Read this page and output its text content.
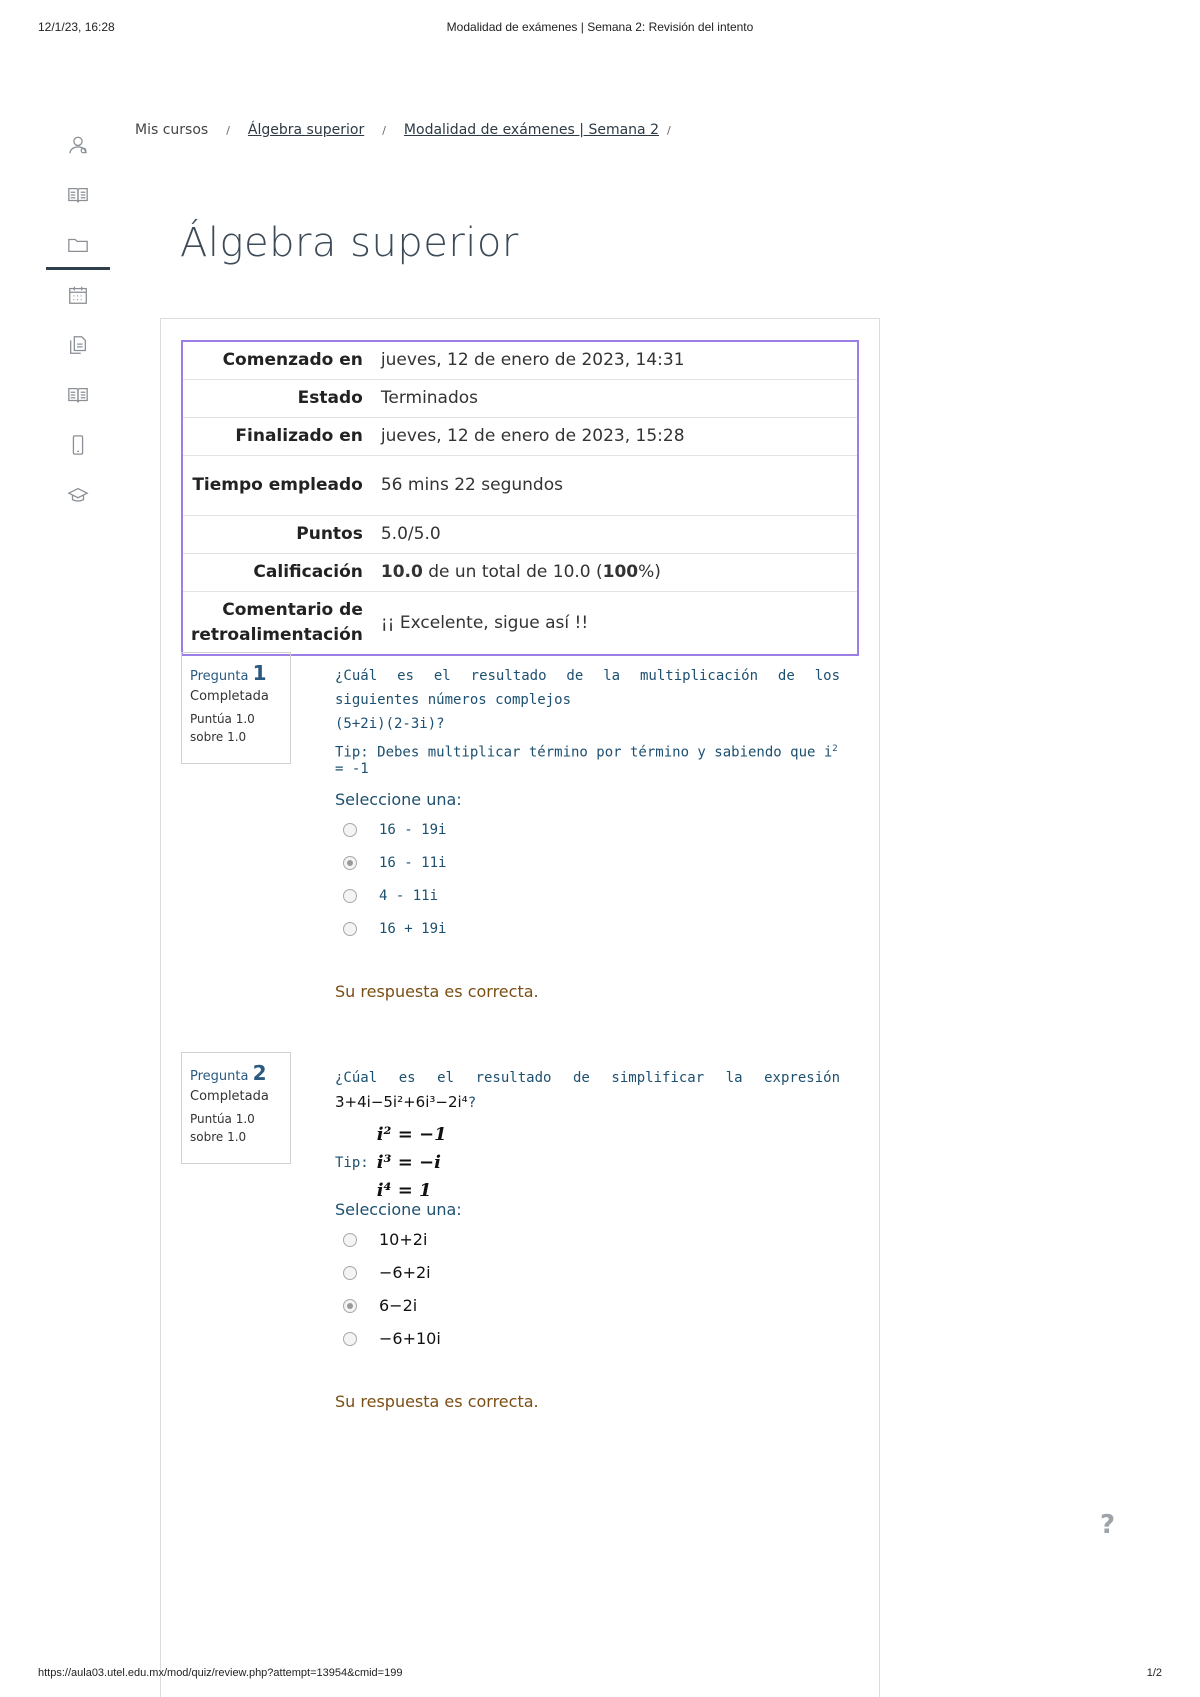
12/1/23, 16:28	Modalidad de exámenes | Semana 2: Revisión del intento
Mis cursos / Álgebra superior / Modalidad de exámenes | Semana 2 /
Álgebra superior
Comenzado en	jueves, 12 de enero de 2023, 14:31
Estado	Terminados
Finalizado en	jueves, 12 de enero de 2023, 15:28
Tiempo empleado	56 mins 22 segundos
Puntos	5.0/5.0
Calificación	10.0 de un total de 10.0 (100%)
Comentario de retroalimentación	¡¡ Excelente, sigue así !!
Pregunta 1
Completada
Puntúa 1.0
sobre 1.0
¿Cuál es el resultado de la multiplicación de los siguientes números complejos
(5+2i)(2-3i)?
Tip: Debes multiplicar término por término y sabiendo que $i^2 = -1$
Seleccione una:
16 - 19i
16 - 11i
4 - 11i
16 + 19i
Su respuesta es correcta.
Pregunta 2
Completada
Puntúa 1.0
sobre 1.0
¿Cúal es el resultado de simplificar la expresión 3+4i−5i²+6i³−2i⁴?
Tip:
i² = −1
i³ = −i
i⁴ = 1
Seleccione una:
10+2i
−6+2i
6−2i
−6+10i
Su respuesta es correcta.
?
https://aula03.utel.edu.mx/mod/quiz/review.php?attempt=13954&cmid=199	1/2
